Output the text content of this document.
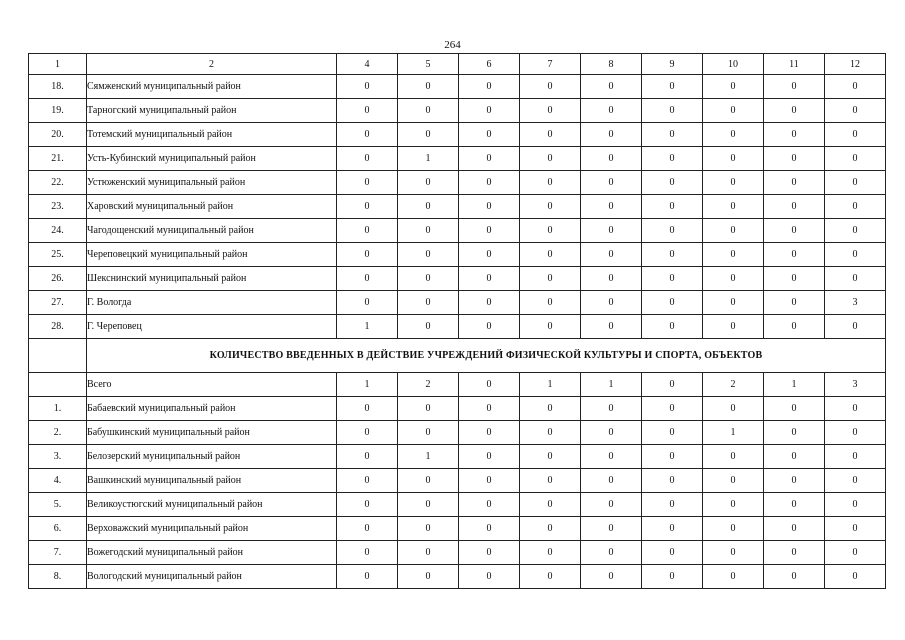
264
1	2	4	5	6	7	8	9	10	11	12
18.	Сямженский муниципальный район	0	0	0	0	0	0	0	0	0
19.	Тарногский муниципальный район	0	0	0	0	0	0	0	0	0
20.	Тотемский муниципальный район	0	0	0	0	0	0	0	0	0
21.	Усть-Кубинский муниципальный район	0	1	0	0	0	0	0	0	0
22.	Устюженский муниципальный район	0	0	0	0	0	0	0	0	0
23.	Харовский муниципальный район	0	0	0	0	0	0	0	0	0
24.	Чагодощенский муниципальный район	0	0	0	0	0	0	0	0	0
25.	Череповецкий муниципальный район	0	0	0	0	0	0	0	0	0
26.	Шекснинский муниципальный район	0	0	0	0	0	0	0	0	0
27.	Г. Вологда	0	0	0	0	0	0	0	0	3
28.	Г. Череповец	1	0	0	0	0	0	0	0	0
	КОЛИЧЕСТВО ВВЕДЕННЫХ В ДЕЙСТВИЕ УЧРЕЖДЕНИЙ ФИЗИЧЕСКОЙ КУЛЬТУРЫ И СПОРТА, ОБЪЕКТОВ									
	Всего	1	2	0	1	1	0	2	1	3
1.	Бабаевский муниципальный район	0	0	0	0	0	0	0	0	0
2.	Бабушкинский муниципальный район	0	0	0	0	0	0	1	0	0
3.	Белозерский муниципальный район	0	1	0	0	0	0	0	0	0
4.	Вашкинский муниципальный район	0	0	0	0	0	0	0	0	0
5.	Великоустюгский муниципальный район	0	0	0	0	0	0	0	0	0
6.	Верховажский муниципальный район	0	0	0	0	0	0	0	0	0
7.	Вожегодский муниципальный район	0	0	0	0	0	0	0	0	0
8.	Вологодский муниципальный район	0	0	0	0	0	0	0	0	0
